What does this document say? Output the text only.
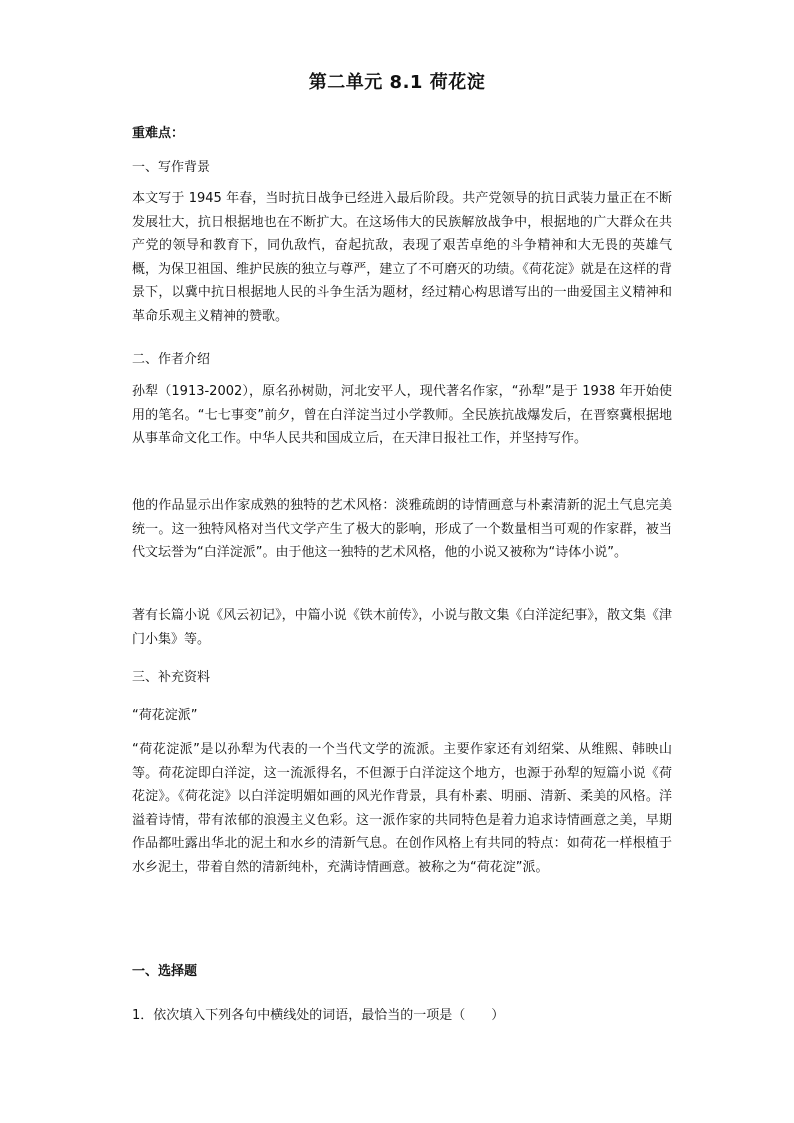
第二单元 8.1 荷花淀
重难点：
一、写作背景
本文写于 1945 年春，当时抗日战争已经进入最后阶段。共产党领导的抗日武装力量正在不断发展壮大，抗日根据地也在不断扩大。在这场伟大的民族解放战争中，根据地的广大群众在共产党的领导和教育下，同仇敌忾，奋起抗敌，表现了艰苦卓绝的斗争精神和大无畏的英雄气概，为保卫祖国、维护民族的独立与尊严，建立了不可磨灭的功绩。《荷花淀》就是在这样的背景下，以冀中抗日根据地人民的斗争生活为题材，经过精心构思谱写出的一曲爱国主义精神和革命乐观主义精神的赞歌。
二、作者介绍
孙犁（1913-2002），原名孙树勋，河北安平人，现代著名作家，“孙犁”是于 1938 年开始使用的笔名。“七七事变”前夕，曾在白洋淀当过小学教师。全民族抗战爆发后，在晋察冀根据地从事革命文化工作。中华人民共和国成立后，在天津日报社工作，并坚持写作。
他的作品显示出作家成熟的独特的艺术风格：淡雅疏朗的诗情画意与朴素清新的泥土气息完美统一。这一独特风格对当代文学产生了极大的影响，形成了一个数量相当可观的作家群，被当代文坛誉为“白洋淀派”。由于他这一独特的艺术风格，他的小说又被称为“诗体小说”。
著有长篇小说《风云初记》，中篇小说《铁木前传》，小说与散文集《白洋淀纪事》，散文集《津门小集》等。
三、补充资料
“荷花淀派”
“荷花淀派”是以孙犁为代表的一个当代文学的流派。主要作家还有刘绍棠、从维熙、韩映山等。荷花淀即白洋淀，这一流派得名，不但源于白洋淀这个地方，也源于孙犁的短篇小说《荷花淀》。《荷花淀》以白洋淀明媚如画的风光作背景，具有朴素、明丽、清新、柔美的风格。洋溢着诗情，带有浓郁的浪漫主义色彩。这一派作家的共同特色是着力追求诗情画意之美，早期作品都吐露出华北的泥土和水乡的清新气息。在创作风格上有共同的特点：如荷花一样根植于水乡泥土，带着自然的清新纯朴，充满诗情画意。被称之为“荷花淀”派。
一、选择题
1．依次填入下列各句中横线处的词语，最恰当的一项是（　　）
